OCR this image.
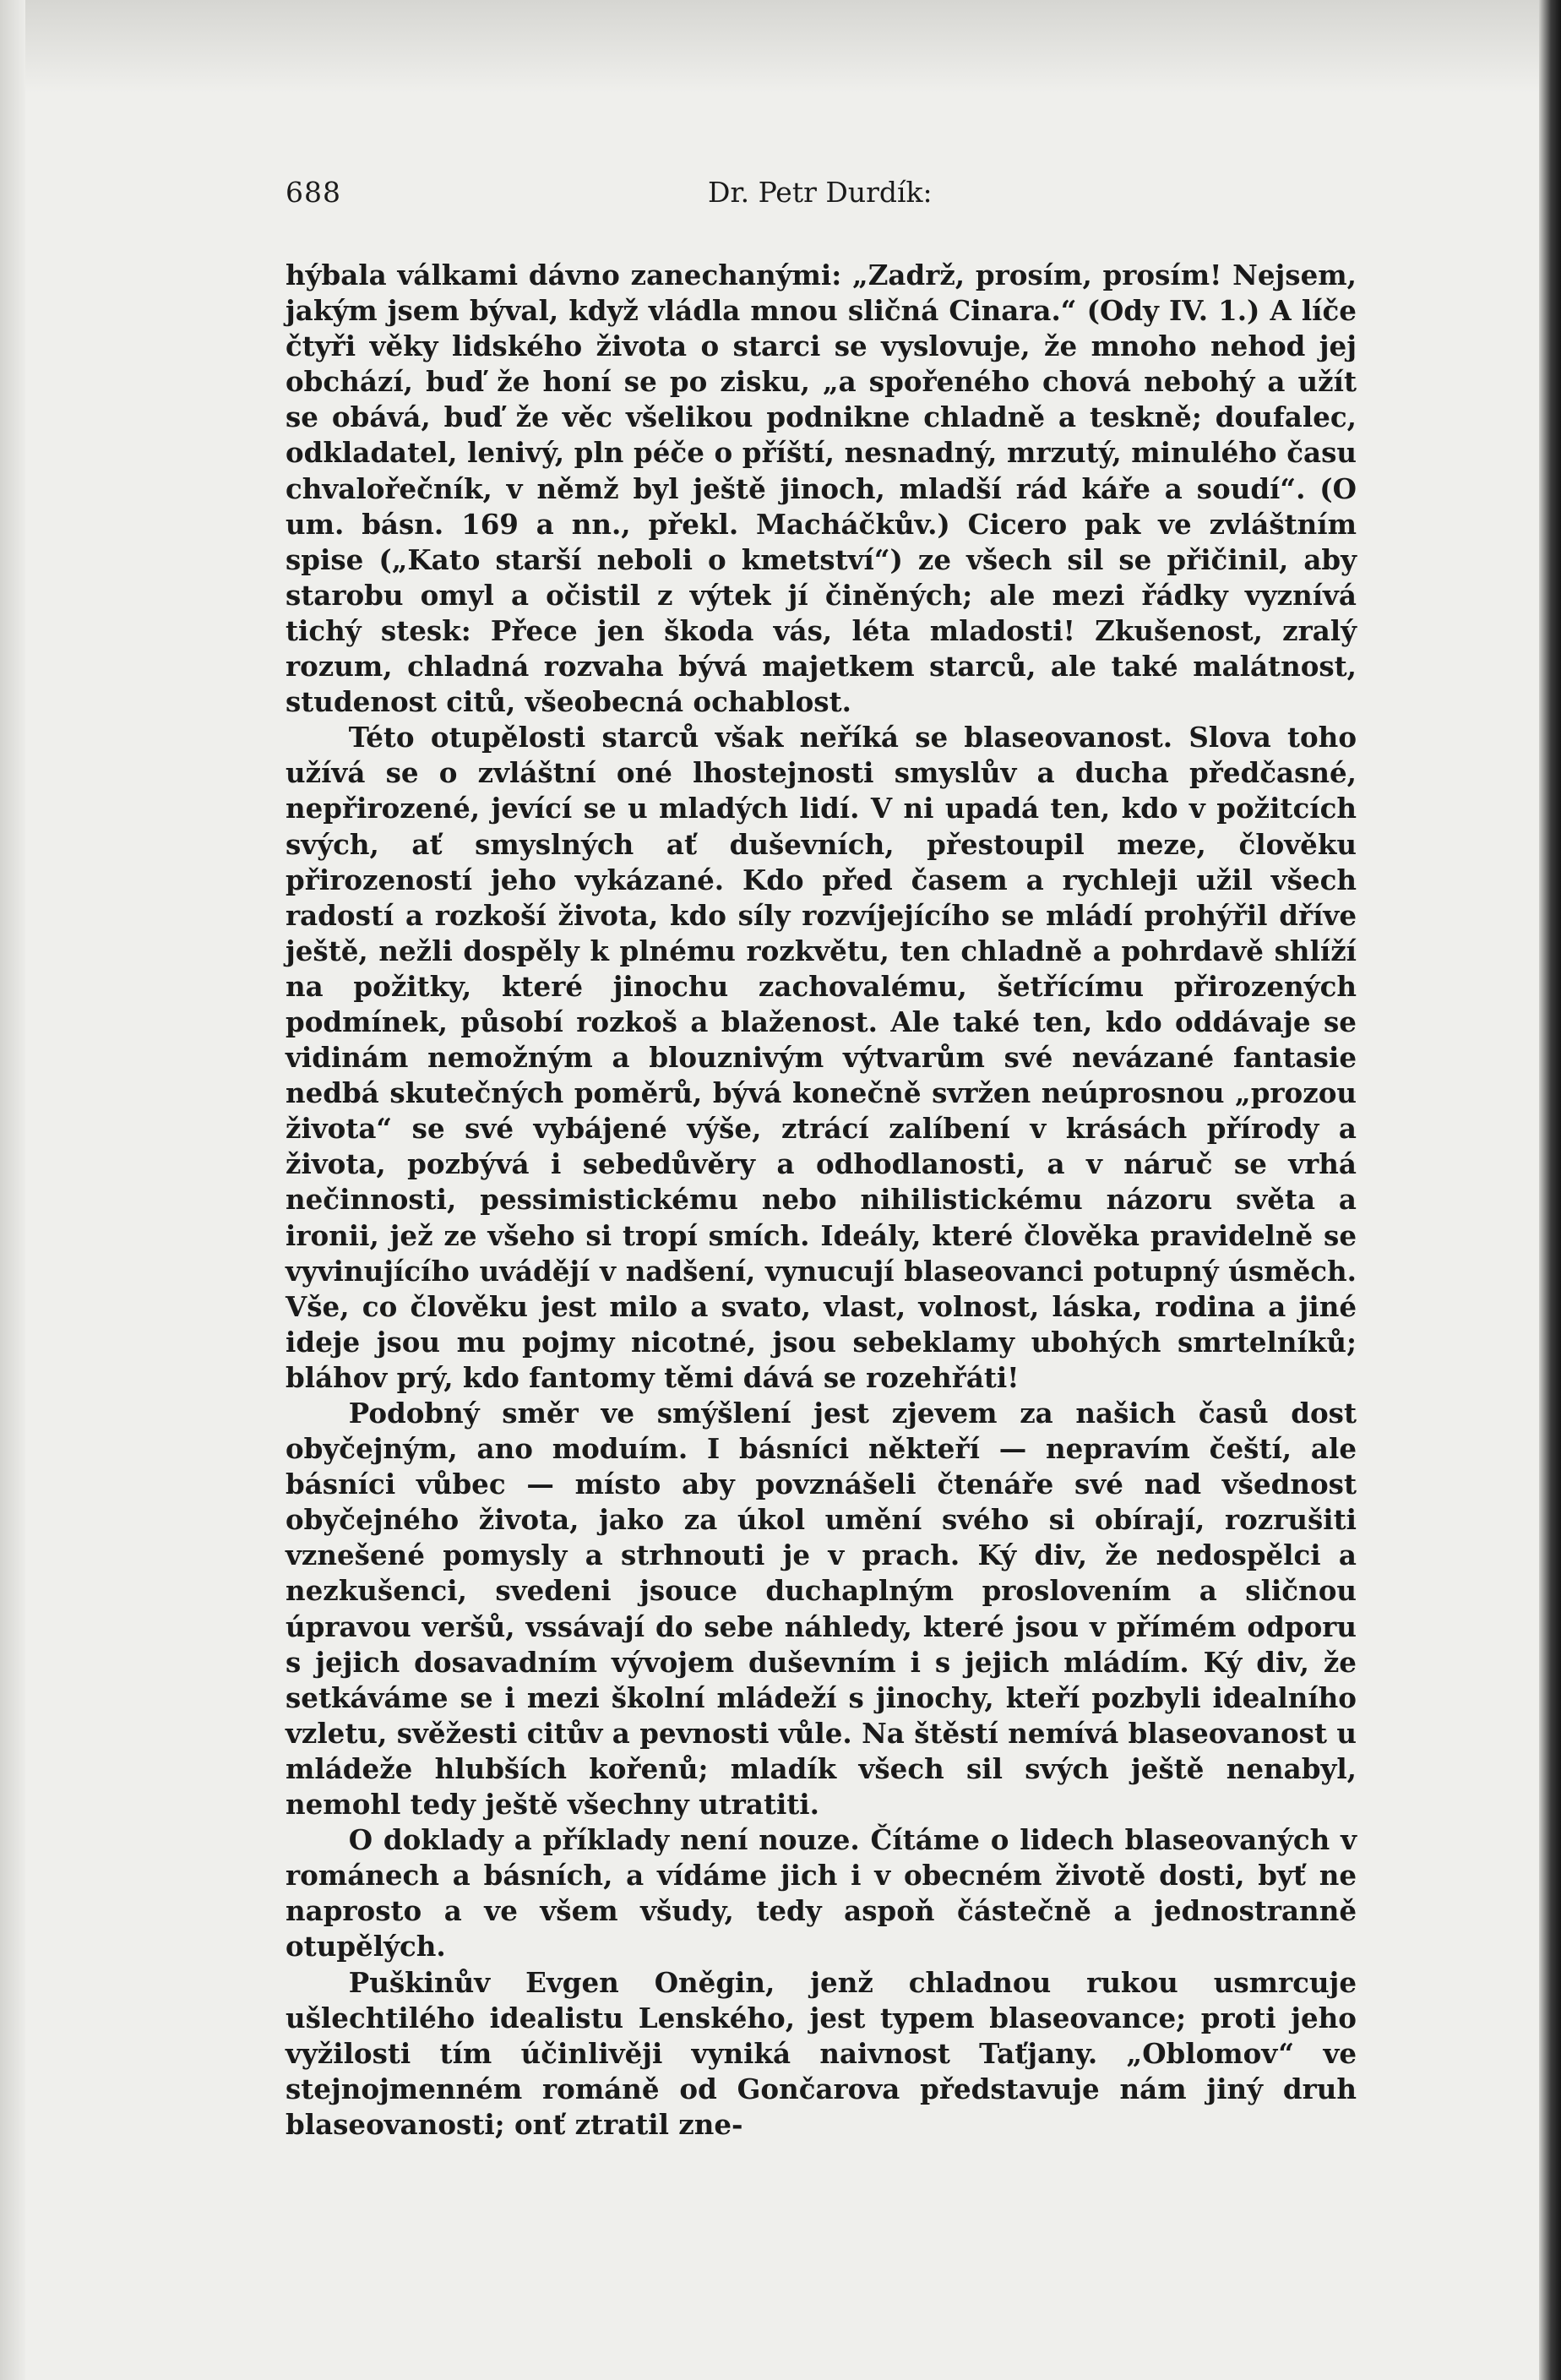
688	Dr. Petr Durdík:

hýbala válkami dávno zanechanými: „Zadrž, prosím, prosím! Nejsem, jakým jsem býval, když vládla mnou sličná Cinara.“ (Ody IV. 1.) A líče čtyři věky lidského života o starci se vyslovuje, že mnoho nehod jej obchází, buď že honí se po zisku, „a spořeného chová nebohý a užít se obává, buď že věc všelikou podnikne chladně a teskně; doufalec, odkladatel, lenivý, pln péče o příští, nesnadný, mrzutý, minulého času chvalořečník, v němž byl ještě jinoch, mladší rád káře a soudí“. (O um. básn. 169 a nn., překl. Macháčkův.) Cicero pak ve zvláštním spise („Kato starší neboli o kmetství“) ze všech sil se přičinil, aby starobu omyl a očistil z výtek jí činěných; ale mezi řádky vyznívá tichý stesk: Přece jen škoda vás, léta mladosti! Zkušenost, zralý rozum, chladná rozvaha bývá majetkem starců, ale také malátnost, studenost citů, všeobecná ochablost.

Této otupělosti starců však neříká se blaseovanost. Slova toho užívá se o zvláštní oné lhostejnosti smyslův a ducha předčasné, nepřirozené, jevící se u mladých lidí. V ni upadá ten, kdo v požitcích svých, ať smyslných ať duševních, přestoupil meze, člověku přirozeností jeho vykázané. Kdo před časem a rychleji užil všech radostí a rozkoší života, kdo síly rozvíjejícího se mládí prohýřil dříve ještě, nežli dospěly k plnému rozkvětu, ten chladně a pohrdavě shlíží na požitky, které jinochu zachovalému, šetřícímu přirozených podmínek, působí rozkoš a blaženost. Ale také ten, kdo oddávaje se vidinám nemožným a blouznivým výtvarům své nevázané fantasie nedbá skutečných poměrů, bývá konečně svržen neúprosnou „prozou života“ se své vybájené výše, ztrácí zalíbení v krásách přírody a života, pozbývá i sebedůvěry a odhodlanosti, a v náruč se vrhá nečinnosti, pessimistickému nebo nihilistickému názoru světa a ironii, jež ze všeho si tropí smích. Ideály, které člověka pravidelně se vyvinujícího uvádějí v nadšení, vynucují blaseovanci potupný úsměch. Vše, co člověku jest milo a svato, vlast, volnost, láska, rodina a jiné ideje jsou mu pojmy nicotné, jsou sebeklamy ubohých smrtelníků; bláhov prý, kdo fantomy těmi dává se rozehřáti!

Podobný směr ve smýšlení jest zjevem za našich časů dost obyčejným, ano moduím. I básníci někteří — nepravím čeští, ale básníci vůbec — místo aby povznášeli čtenáře své nad všednost obyčejného života, jako za úkol umění svého si obírají, rozrušiti vznešené pomysly a strhnouti je v prach. Ký div, že nedospělci a nezkušenci, svedeni jsouce duchaplným proslovením a sličnou úpravou veršů, vssávají do sebe náhledy, které jsou v přímém odporu s jejich dosavadním vývojem duševním i s jejich mládím. Ký div, že setkáváme se i mezi školní mládeží s jinochy, kteří pozbyli idealního vzletu, svěžesti citův a pevnosti vůle. Na štěstí nemívá blaseovanost u mládeže hlubších kořenů; mladík všech sil svých ještě nenabyl, nemohl tedy ještě všechny utratiti.

O doklady a příklady není nouze. Čítáme o lidech blaseovaných v románech a básních, a vídáme jich i v obecném životě dosti, byť ne naprosto a ve všem všudy, tedy aspoň částečně a jednostranně otupělých.

Puškinův Evgen Oněgin, jenž chladnou rukou usmrcuje ušlechtilého idealistu Lenského, jest typem blaseovance; proti jeho vyžilosti tím účinlivěji vyniká naivnost Taťjany. „Oblomov“ ve stejnojmenném románě od Gončarova představuje nám jiný druh blaseovanosti; onť ztratil zne-
